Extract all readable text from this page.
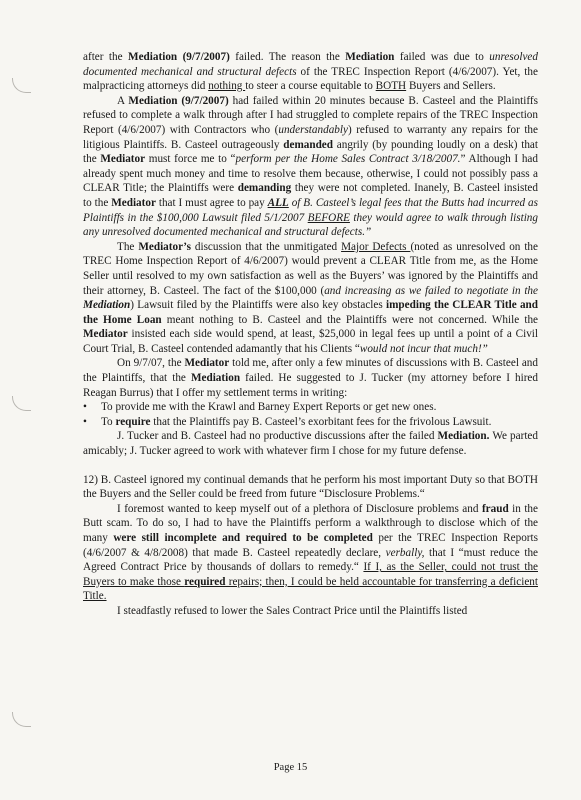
after the Mediation (9/7/2007) failed. The reason the Mediation failed was due to unresolved documented mechanical and structural defects of the TREC Inspection Report (4/6/2007). Yet, the malpracticing attorneys did nothing to steer a course equitable to BOTH Buyers and Sellers.

A Mediation (9/7/2007) had failed within 20 minutes because B. Casteel and the Plaintiffs refused to complete a walk through after I had struggled to complete repairs of the TREC Inspection Report (4/6/2007) with Contractors who (understandably) refused to warranty any repairs for the litigious Plaintiffs. B. Casteel outrageously demanded angrily (by pounding loudly on a desk) that the Mediator must force me to “perform per the Home Sales Contract 3/18/2007.” Although I had already spent much money and time to resolve them because, otherwise, I could not possibly pass a CLEAR Title; the Plaintiffs were demanding they were not completed. Inanely, B. Casteel insisted to the Mediator that I must agree to pay ALL of B. Casteel’s legal fees that the Butts had incurred as Plaintiffs in the $100,000 Lawsuit filed 5/1/2007 BEFORE they would agree to walk through listing any unresolved documented mechanical and structural defects.”

The Mediator’s discussion that the unmitigated Major Defects (noted as unresolved on the TREC Home Inspection Report of 4/6/2007) would prevent a CLEAR Title from me, as the Home Seller until resolved to my own satisfaction as well as the Buyers’ was ignored by the Plaintiffs and their attorney, B. Casteel. The fact of the $100,000 (and increasing as we failed to negotiate in the Mediation) Lawsuit filed by the Plaintiffs were also key obstacles impeding the CLEAR Title and the Home Loan meant nothing to B. Casteel and the Plaintiffs were not concerned. While the Mediator insisted each side would spend, at least, $25,000 in legal fees up until a point of a Civil Court Trial, B. Casteel contended adamantly that his Clients “would not incur that much!”

On 9/7/07, the Mediator told me, after only a few minutes of discussions with B. Casteel and the Plaintiffs, that the Mediation failed. He suggested to J. Tucker (my attorney before I hired Reagan Burrus) that I offer my settlement terms in writing:

• To provide me with the Krawl and Barney Expert Reports or get new ones.
• To require that the Plaintiffs pay B. Casteel’s exorbitant fees for the frivolous Lawsuit.

J. Tucker and B. Casteel had no productive discussions after the failed Mediation. We parted amicably; J. Tucker agreed to work with whatever firm I chose for my future defense.

12) B. Casteel ignored my continual demands that he perform his most important Duty so that BOTH the Buyers and the Seller could be freed from future “Disclosure Problems.“

I foremost wanted to keep myself out of a plethora of Disclosure problems and fraud in the Butt scam. To do so, I had to have the Plaintiffs perform a walkthrough to disclose which of the many were still incomplete and required to be completed per the TREC Inspection Reports (4/6/2007 & 4/8/2008) that made B. Casteel repeatedly declare, verbally, that I “must reduce the Agreed Contract Price by thousands of dollars to remedy.“ If I, as the Seller, could not trust the Buyers to make those required repairs; then, I could be held accountable for transferring a deficient Title.

I steadfastly refused to lower the Sales Contract Price until the Plaintiffs listed

Page 15
